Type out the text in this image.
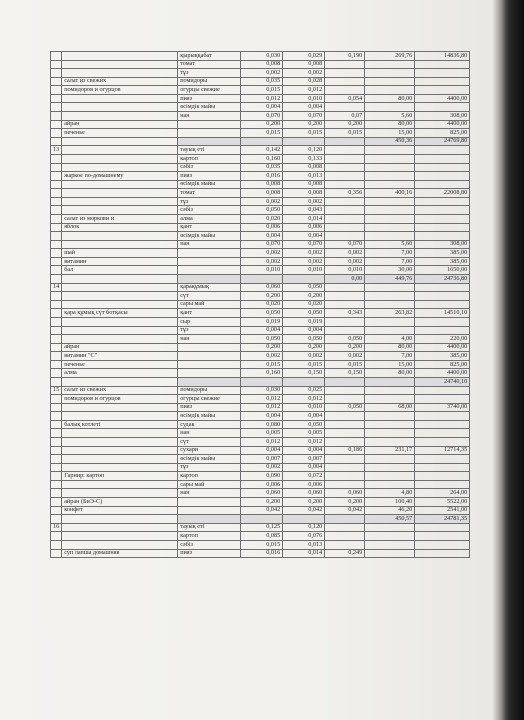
		қырыққабат	0,030	0,029	0,190	269,76	14836,80
		томат	0,008	0,008			
		тұз	0,002	0,002			
	салат из свежих	помидоры	0,035	0,028			
	помидоров и огурцов	огурцы свежие	0,015	0,012			
		пияз	0,012	0,010	0,054	80,00	4400,00
		өсімдік майы	0,004	0,004			
		нан	0,070	0,070	0,07	5,60	308,00
	айран		0,200	0,200	0,200	80,00	4400,00
	печенье		0,015	0,015	0,015	15,00	825,00
						450,36	24769,80
13		тауық еті	0,142	0,120			
		картоп	0,160	0,133			
		сәбіз	0,035	0,008			
	жаркое по-домашнему	пияз	0,016	0,013			
		өсімдік майы	0,008	0,008			
		томат	0,008	0,008	0,356	400,16	22008,80
		тұз	0,002	0,002			
		сәбіз	0,050	0,043			
	салат из моркови и	алма	0,020	0,014			
	яблок	қант	0,006	0,006			
		өсімдік майы	0,004	0,004			
		нан	0,070	0,070	0,070	5,60	308,00
	шай		0,002	0,002	0,002	7,00	385,00
	витамин		0,002	0,002	0,002	7,00	385,00
	бал		0,010	0,010	0,010	30,00	1650,00
					0,00	449,76	24736,80
14		қарақұмық	0,060	0,050			
		сүт	0,200	0,200			
		сары май	0,020	0,020			
	қара құмық сүт ботқасы	қант	0,050	0,050	0,343	263,82	14510,10
		сыр	0,019	0,019			
		тұз	0,004	0,004			
		нан	0,050	0,050	0,050	4,00	220,00
	айран		0,200	0,200	0,200	80,00	4400,00
	витамин "С"		0,002	0,002	0,002	7,00	385,00
	печенье		0,015	0,015	0,015	15,00	825,00
	алма		0,160	0,150	0,150	80,00	4400,00
							24740,10
15	салат из свежих	помидоры	0,030	0,025			
	помидоров и огурцов	огурцы свежие	0,012	0,012			
		пияз	0,012	0,010	0,050	68,00	3740,00
		өсімдік майы	0,004	0,004			
	балық котлеті	судак	0,080	0,050			
		нан	0,005	0,005			
		сүт	0,012	0,012			
		сухари	0,004	0,004	0,186	231,17	12714,35
		өсімдік майы	0,007	0,007			
		тұз	0,002	0,004			
	Гарнир: картоп	картоп	0,090	0,072			
		сары май	0,006	0,006			
		нан	0,060	0,060	0,060	4,80	264,00
	айран (БиЭ-С)		0,200	0,200	0,200	100,40	5522,00
	конфет		0,042	0,042	0,042	46,20	2541,00
						450,57	24781,35
16		тауық еті	0,125	0,120			
		картоп	0,085	0,076			
		сәбіз	0,015	0,013			
	суп лапша домашняя	пияз	0,016	0,014	0,249		
